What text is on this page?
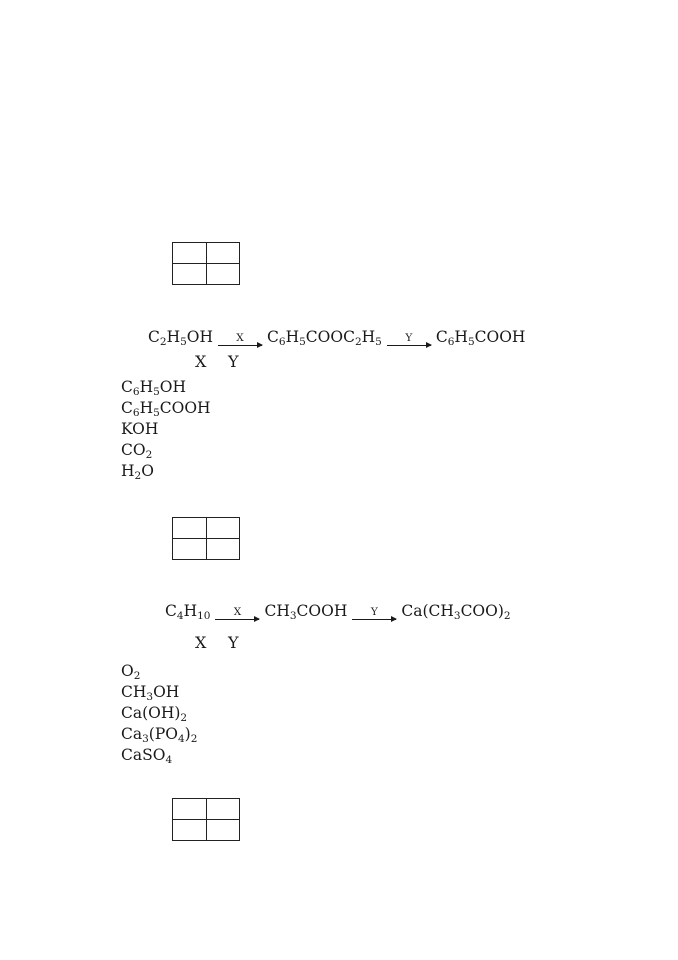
$C_2H_5OH$ X $C_6H_5COOC_2H_5$ Y $C_6H_5COOH$
X Y
$C_6H_5OH$
$C_6H_5COOH$
KOH
$CO_2$
$H_2O$

$C_4H_{10}$ X $CH_3COOH$ Y $Ca(CH_3COO)_2$
X Y
$O_2$
$CH_3OH$
$Ca(OH)_2$
$Ca_3(PO_4)_2$
CaSO$_4$
